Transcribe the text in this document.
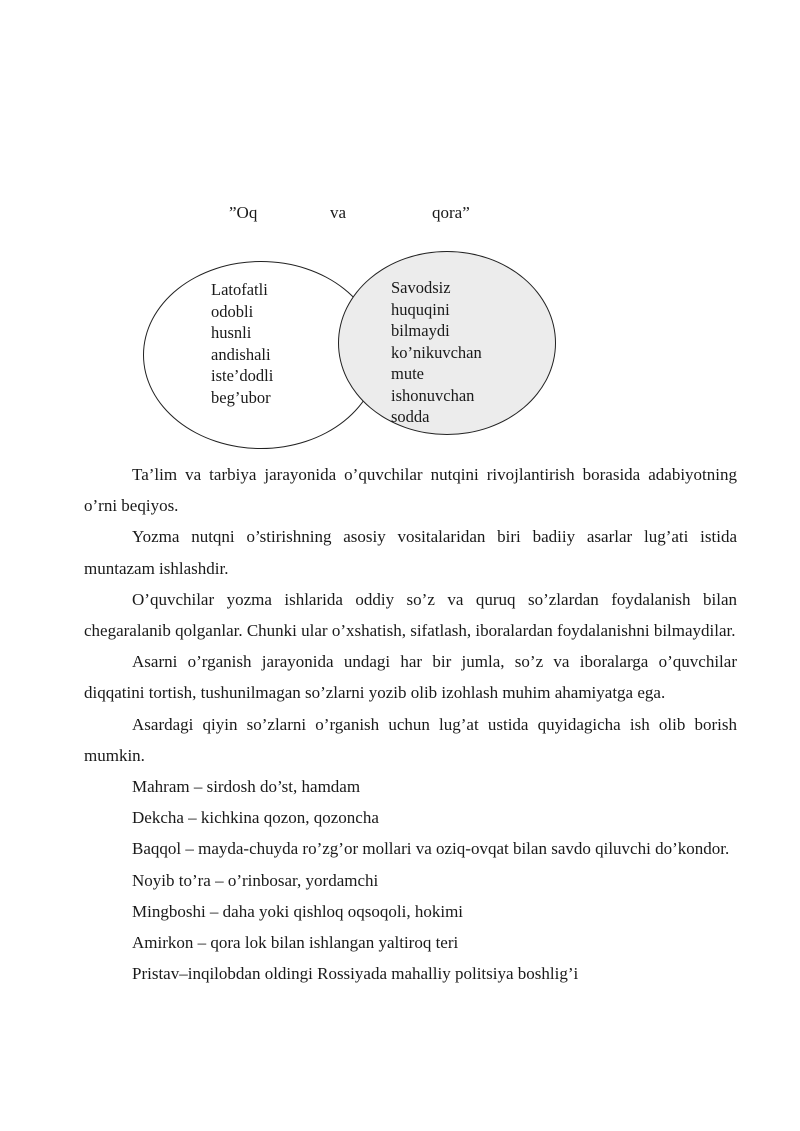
”Oq	va	qora”
Latofatli
odobli
husnli
andishali
iste’dodli
beg’ubor
Savodsiz
huquqini
bilmaydi
ko’nikuvchan
mute
ishonuvchan
sodda

Ta’lim va tarbiya jarayonida o’quvchilar nutqini rivojlantirish borasida adabiyotning o’rni beqiyos.

Yozma nutqni o’stirishning asosiy vositalaridan biri badiiy asarlar lug’ati istida muntazam ishlashdir.

O’quvchilar yozma ishlarida oddiy so’z va quruq so’zlardan foydalanish bilan chegaralanib qolganlar. Chunki ular o’xshatish, sifatlash, iboralardan foydalanishni bilmaydilar.

Asarni o’rganish jarayonida undagi har bir jumla, so’z va iboralarga o’quvchilar diqqatini tortish, tushunilmagan so’zlarni yozib olib izohlash muhim ahamiyatga ega.

Asardagi qiyin so’zlarni o’rganish uchun lug’at ustida quyidagicha ish olib borish mumkin.

Mahram – sirdosh do’st, hamdam

Dekcha – kichkina qozon, qozoncha

Baqqol – mayda-chuyda ro’zg’or mollari va oziq-ovqat bilan savdo qiluvchi do’kondor.

Noyib to’ra – o’rinbosar, yordamchi

Mingboshi – daha yoki qishloq oqsoqoli, hokimi

Amirkon – qora lok bilan ishlangan yaltiroq teri

Pristav–inqilobdan oldingi Rossiyada mahalliy politsiya boshlig’i
